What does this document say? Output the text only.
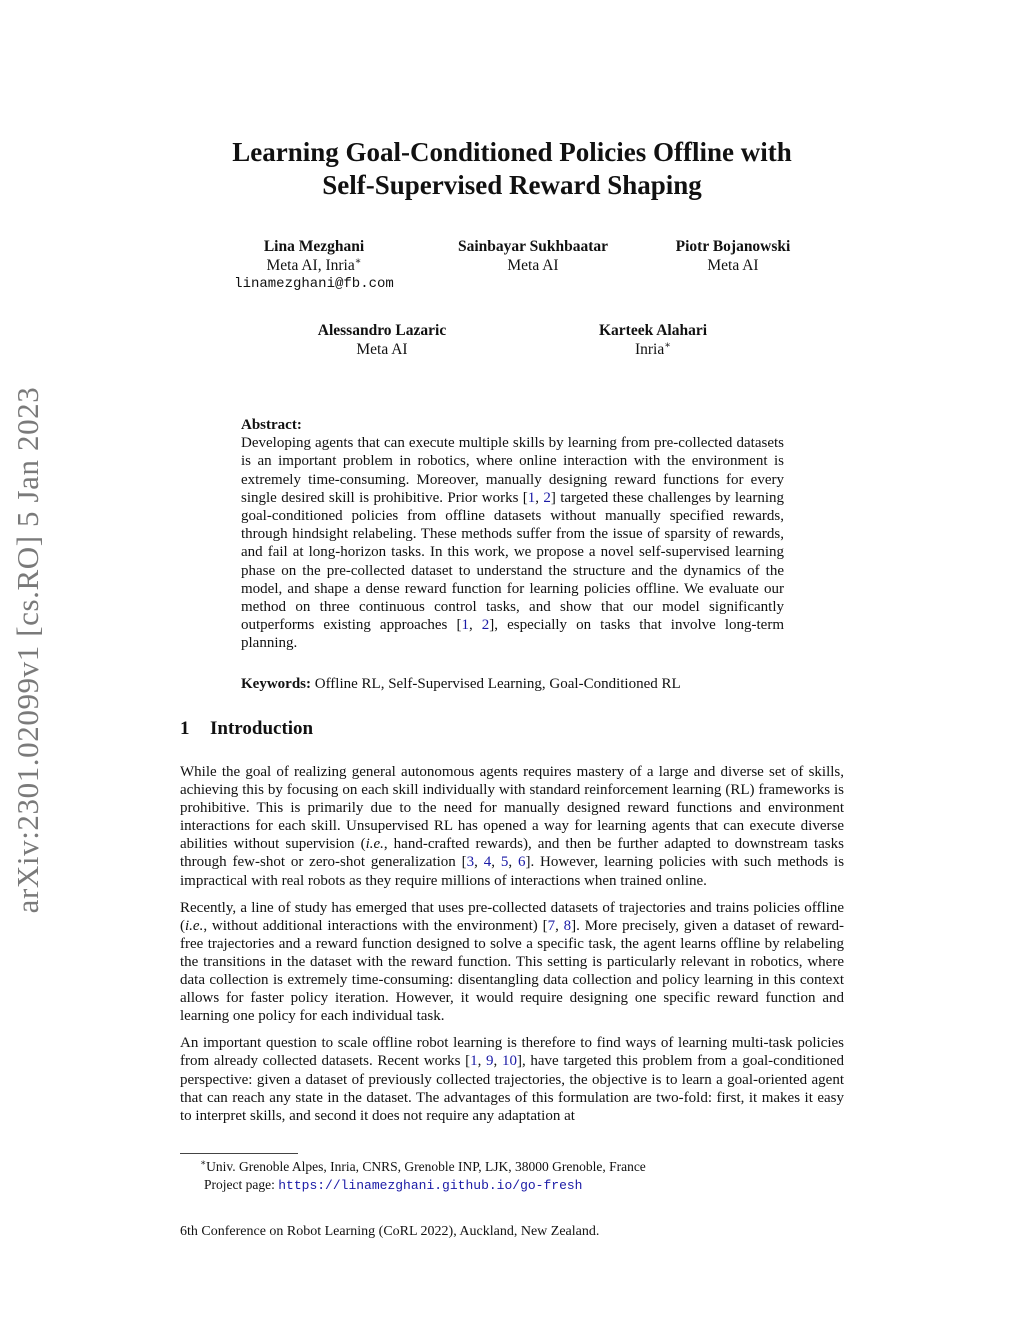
arXiv:2301.02099v1 [cs.RO] 5 Jan 2023
Learning Goal-Conditioned Policies Offline with
Self-Supervised Reward Shaping
Lina Mezghani
Meta AI, Inria∗
linamezghani@fb.com
Sainbayar Sukhbaatar
Meta AI
Piotr Bojanowski
Meta AI
Alessandro Lazaric
Meta AI
Karteek Alahari
Inria∗
Abstract:
Developing agents that can execute multiple skills by learning from pre-collected datasets is an important problem in robotics, where online interaction with the environment is extremely time-consuming. Moreover, manually designing reward functions for every single desired skill is prohibitive. Prior works [1, 2] targeted these challenges by learning goal-conditioned policies from offline datasets without manually specified rewards, through hindsight relabeling. These methods suffer from the issue of sparsity of rewards, and fail at long-horizon tasks. In this work, we propose a novel self-supervised learning phase on the pre-collected dataset to understand the structure and the dynamics of the model, and shape a dense reward function for learning policies offline. We evaluate our method on three continuous control tasks, and show that our model significantly outperforms existing approaches [1, 2], especially on tasks that involve long-term planning.
Keywords: Offline RL, Self-Supervised Learning, Goal-Conditioned RL
1 Introduction

While the goal of realizing general autonomous agents requires mastery of a large and diverse set of skills, achieving this by focusing on each skill individually with standard reinforcement learning (RL) frameworks is prohibitive. This is primarily due to the need for manually designed reward functions and environment interactions for each skill. Unsupervised RL has opened a way for learning agents that can execute diverse abilities without supervision (i.e., hand-crafted rewards), and then be further adapted to downstream tasks through few-shot or zero-shot generalization [3, 4, 5, 6]. However, learning policies with such methods is impractical with real robots as they require millions of interactions when trained online.

Recently, a line of study has emerged that uses pre-collected datasets of trajectories and trains policies offline (i.e., without additional interactions with the environment) [7, 8]. More precisely, given a dataset of reward-free trajectories and a reward function designed to solve a specific task, the agent learns offline by relabeling the transitions in the dataset with the reward function. This setting is particularly relevant in robotics, where data collection is extremely time-consuming: disentangling data collection and policy learning in this context allows for faster policy iteration. However, it would require designing one specific reward function and learning one policy for each individual task.

An important question to scale offline robot learning is therefore to find ways of learning multi-task policies from already collected datasets. Recent works [1, 9, 10], have targeted this problem from a goal-conditioned perspective: given a dataset of previously collected trajectories, the objective is to learn a goal-oriented agent that can reach any state in the dataset. The advantages of this formulation are two-fold: first, it makes it easy to interpret skills, and second it does not require any adaptation at

∗Univ. Grenoble Alpes, Inria, CNRS, Grenoble INP, LJK, 38000 Grenoble, France
Project page: https://linamezghani.github.io/go-fresh
6th Conference on Robot Learning (CoRL 2022), Auckland, New Zealand.
